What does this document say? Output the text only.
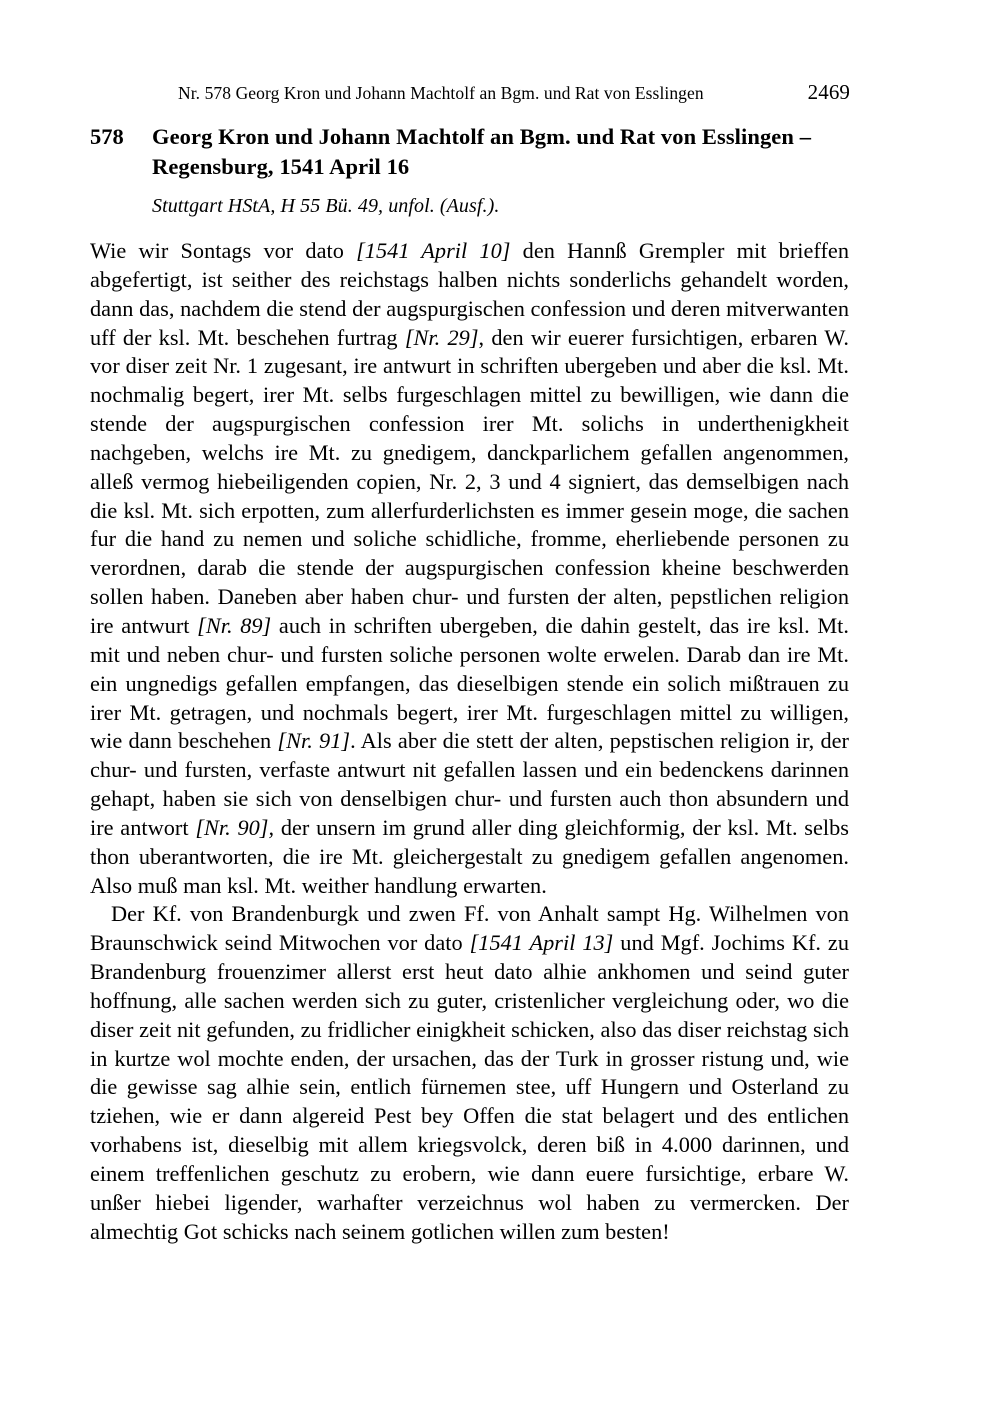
Nr. 578 Georg Kron und Johann Machtolf an Bgm. und Rat von Esslingen	2469
578	Georg Kron und Johann Machtolf an Bgm. und Rat von Esslingen – Regensburg, 1541 April 16
Stuttgart HStA, H 55 Bü. 49, unfol. (Ausf.).

Wie wir Sontags vor dato [1541 April 10] den Hannß Grempler mit brieffen abgefertigt, ist seither des reichstags halben nichts sonderlichs gehandelt worden, dann das, nachdem die stend der augspurgischen confession und deren mitverwanten uff der ksl. Mt. beschehen furtrag [Nr. 29], den wir euerer fursichtigen, erbaren W. vor diser zeit Nr. 1 zugesant, ire antwurt in schriften ubergeben und aber die ksl. Mt. nochmalig begert, irer Mt. selbs furgeschlagen mittel zu bewilligen, wie dann die stende der augspurgischen confession irer Mt. solichs in underthenigkheit nachgeben, welchs ire Mt. zu gnedigem, danckparlichem gefallen angenommen, alleß vermog hiebeiligenden copien, Nr. 2, 3 und 4 signiert, das demselbigen nach die ksl. Mt. sich erpotten, zum allerfurderlichsten es immer gesein moge, die sachen fur die hand zu nemen und soliche schidliche, fromme, eherliebende personen zu verordnen, darab die stende der augspurgischen confession kheine beschwerden sollen haben. Daneben aber haben chur- und fursten der alten, pepstlichen religion ire antwurt [Nr. 89] auch in schriften ubergeben, die dahin gestelt, das ire ksl. Mt. mit und neben chur- und fursten soliche personen wolte erwelen. Darab dan ire Mt. ein ungnedigs gefallen empfangen, das dieselbigen stende ein solich mißtrauen zu irer Mt. getragen, und nochmals begert, irer Mt. furgeschlagen mittel zu willigen, wie dann beschehen [Nr. 91]. Als aber die stett der alten, pepstischen religion ir, der chur- und fursten, verfaste antwurt nit gefallen lassen und ein bedenckens darinnen gehapt, haben sie sich von denselbigen chur- und fursten auch thon absundern und ire antwort [Nr. 90], der unsern im grund aller ding gleichformig, der ksl. Mt. selbs thon uberantworten, die ire Mt. gleichergestalt zu gnedigem gefallen angenomen. Also muß man ksl. Mt. weither handlung erwarten.

Der Kf. von Brandenburgk und zwen Ff. von Anhalt sampt Hg. Wilhelmen von Braunschwick seind Mitwochen vor dato [1541 April 13] und Mgf. Jochims Kf. zu Brandenburg frouenzimer allerst erst heut dato alhie ankhomen und seind guter hoffnung, alle sachen werden sich zu guter, cristenlicher vergleichung oder, wo die diser zeit nit gefunden, zu fridlicher einigkheit schicken, also das diser reichstag sich in kurtze wol mochte enden, der ursachen, das der Turk in grosser ristung und, wie die gewisse sag alhie sein, entlich fürnemen stee, uff Hungern und Osterland zu tziehen, wie er dann algereid Pest bey Offen die stat belagert und des entlichen vorhabens ist, dieselbig mit allem kriegsvolck, deren biß in 4.000 darinnen, und einem treffenlichen geschutz zu erobern, wie dann euere fursichtige, erbare W. unßer hiebei ligender, warhafter verzeichnus wol haben zu vermercken. Der almechtig Got schicks nach seinem gotlichen willen zum besten!
